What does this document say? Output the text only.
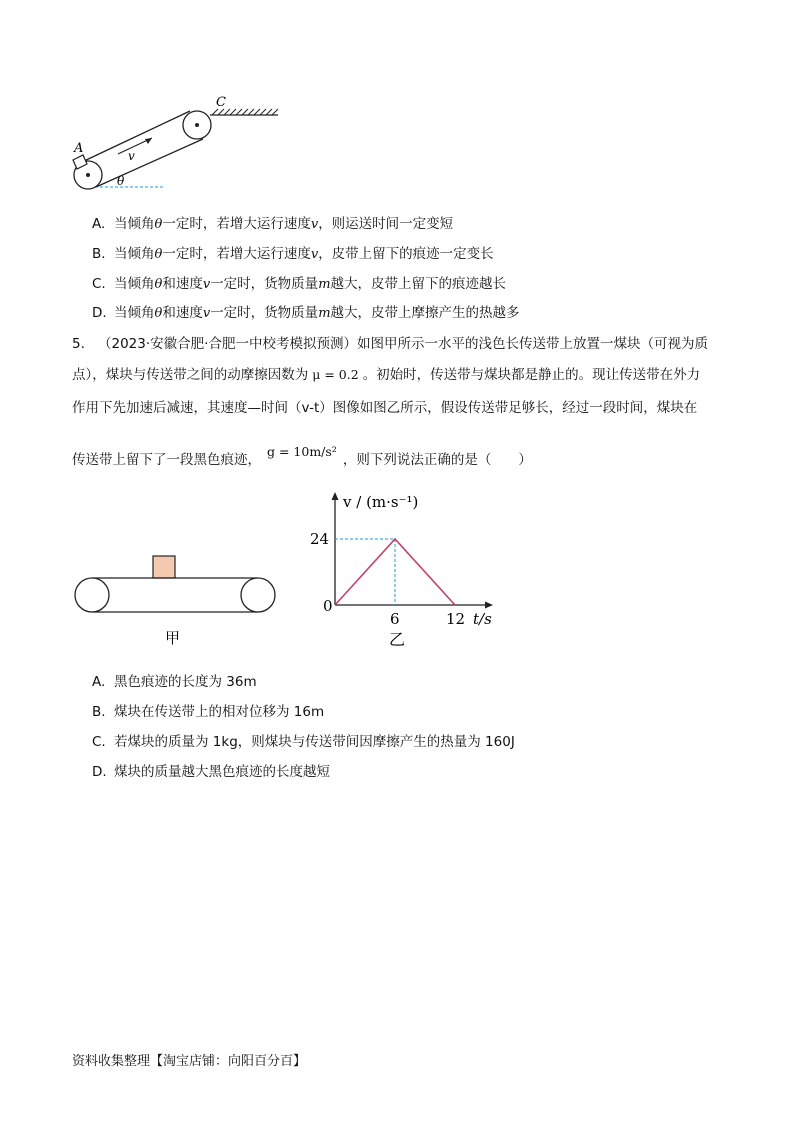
A
C
v
θ
A. 当倾角θ一定时，若增大运行速度v，则运送时间一定变短
B. 当倾角θ一定时，若增大运行速度v，皮带上留下的痕迹一定变长
C. 当倾角θ和速度v一定时，货物质量m越大，皮带上留下的痕迹越长
D. 当倾角θ和速度v一定时，货物质量m越大，皮带上摩擦产生的热越多
5. （2023·安徽合肥·合肥一中校考模拟预测）如图甲所示一水平的浅色长传送带上放置一煤块（可视为质
点），煤块与传送带之间的动摩擦因数为 μ = 0.2 。初始时，传送带与煤块都是静止的。现让传送带在外力
作用下先加速后减速，其速度—时间（v-t）图像如图乙所示，假设传送带足够长，经过一段时间，煤块在
传送带上留下了一段黑色痕迹，g = 10m/s²，则下列说法正确的是（　　）
甲
0
6	12
24
t/s
v / (m·s⁻¹)
乙
A. 黑色痕迹的长度为 36m
B. 煤块在传送带上的相对位移为 16m
C. 若煤块的质量为 1kg，则煤块与传送带间因摩擦产生的热量为 160J
D. 煤块的质量越大黑色痕迹的长度越短
资料收集整理【淘宝店铺：向阳百分百】
